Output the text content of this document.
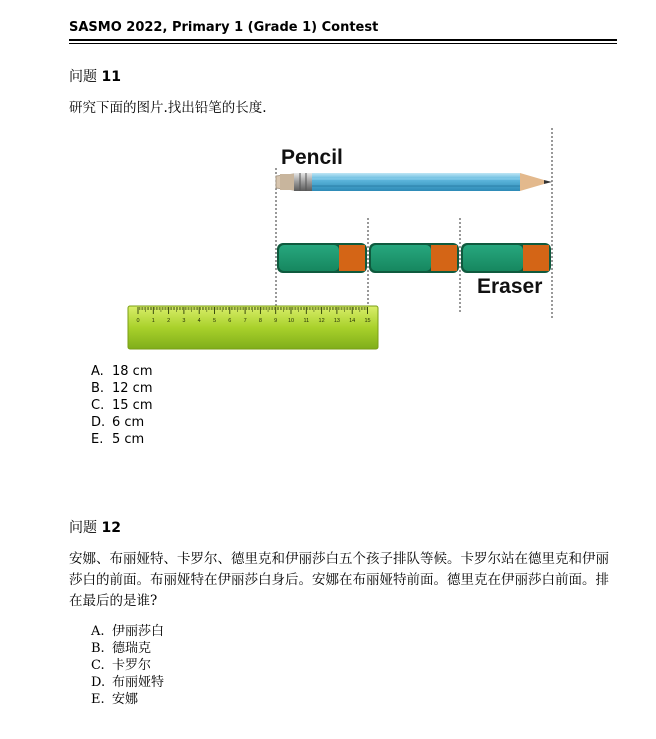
SASMO 2022, Primary 1 (Grade 1) Contest
问题 11
研究下面的图片.找出铅笔的长度.
Pencil
Eraser
0 1 2 3 4 5 6 7 8 9 10 11 12 13 14 15
A. 18 cm
B. 12 cm
C. 15 cm
D. 6 cm
E. 5 cm
问题 12
安娜、布丽娅特、卡罗尔、德里克和伊丽莎白五个孩子排队等候。卡罗尔站在德里克和伊丽莎白的前面。布丽娅特在伊丽莎白身后。安娜在布丽娅特前面。德里克在伊丽莎白前面。排在最后的是谁?
A. 伊丽莎白
B. 德瑞克
C. 卡罗尔
D. 布丽娅特
E. 安娜
